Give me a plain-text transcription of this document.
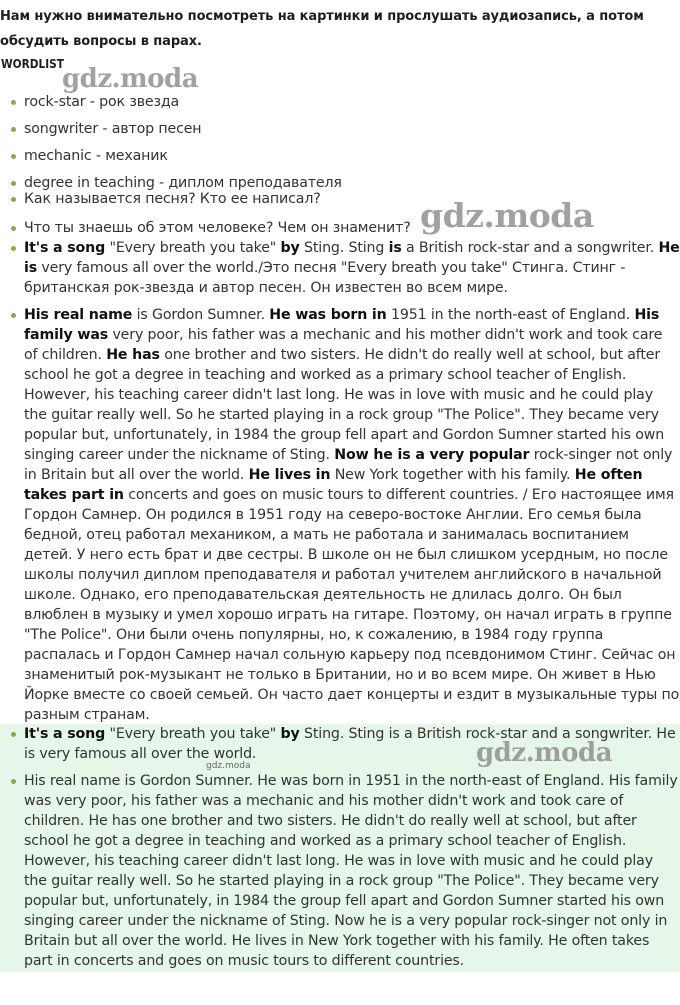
Нам нужно внимательно посмотреть на картинки и прослушать аудиозапись, а потом обсудить вопросы в парах.
WORDLIST
rock-star - рок звезда
songwriter - автор песен
mechanic - механик
degree in teaching - диплом преподавателя
Как называется песня? Кто ее написал?
Что ты знаешь об этом человеке? Чем он знаменит?
It's a song "Every breath you take" by Sting. Sting is a British rock-star and a songwriter. He is very famous all over the world./Это песня "Every breath you take" Стинга. Стинг - британская рок-звезда и автор песен. Он известен во всем мире.
His real name is Gordon Sumner. He was born in 1951 in the north-east of England. His family was very poor, his father was a mechanic and his mother didn't work and took care of children. He has one brother and two sisters. He didn't do really well at school, but after school he got a degree in teaching and worked as a primary school teacher of English. However, his teaching career didn't last long. He was in love with music and he could play the guitar really well. So he started playing in a rock group "The Police". They became very popular but, unfortunately, in 1984 the group fell apart and Gordon Sumner started his own singing career under the nickname of Sting. Now he is a very popular rock-singer not only in Britain but all over the world. He lives in New York together with his family. He often takes part in concerts and goes on music tours to different countries. / Его настоящее имя Гордон Самнер. Он родился в 1951 году на северо-востоке Англии. Его семья была бедной, отец работал механиком, а мать не работала и занималась воспитанием детей. У него есть брат и две сестры. В школе он не был слишком усердным, но после школы получил диплом преподавателя и работал учителем английского в начальной школе. Однако, его преподавательская деятельность не длилась долго. Он был влюблен в музыку и умел хорошо играть на гитаре. Поэтому, он начал играть в группе "The Police". Они были очень популярны, но, к сожалению, в 1984 году группа распалась и Гордон Самнер начал сольную карьеру под псевдонимом Стинг. Сейчас он знаменитый рок-музыкант не только в Британии, но и во всем мире. Он живет в Нью Йорке вместе со своей семьей. Он часто дает концерты и ездит в музыкальные туры по разным странам.
It's a song "Every breath you take" by Sting. Sting is a British rock-star and a songwriter. He is very famous all over the world.
His real name is Gordon Sumner. He was born in 1951 in the north-east of England. His family was very poor, his father was a mechanic and his mother didn't work and took care of children. He has one brother and two sisters. He didn't do really well at school, but after school he got a degree in teaching and worked as a primary school teacher of English. However, his teaching career didn't last long. He was in love with music and he could play the guitar really well. So he started playing in a rock group "The Police". They became very popular but, unfortunately, in 1984 the group fell apart and Gordon Sumner started his own singing career under the nickname of Sting. Now he is a very popular rock-singer not only in Britain but all over the world. He lives in New York together with his family. He often takes part in concerts and goes on music tours to different countries.
gdz.moda
gdz.moda
gdz.moda
gdz.moda
